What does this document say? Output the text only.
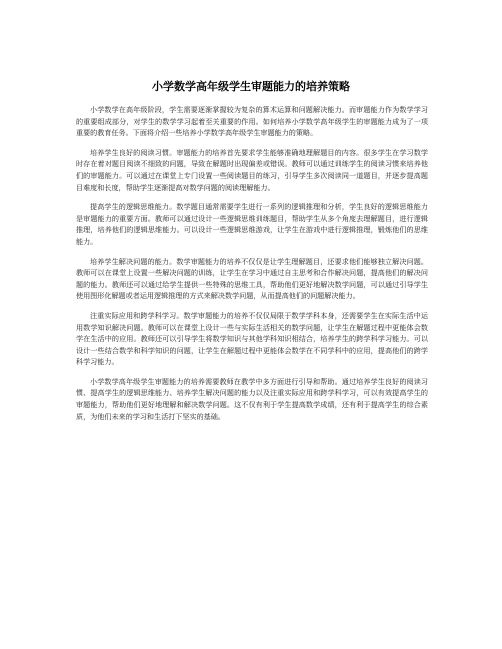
小学数学高年级学生审题能力的培养策略

小学数学在高年级阶段，学生需要逐渐掌握较为复杂的算术运算和问题解决能力。而审题能力作为数学学习的重要组成部分，对学生的数学学习起着至关重要的作用。如何培养小学数学高年级学生的审题能力成为了一项重要的教育任务。下面将介绍一些培养小学数学高年级学生审题能力的策略。

培养学生良好的阅读习惯。审题能力的培养首先要求学生能够准确地理解题目的内容。很多学生在学习数学时存在着对题目阅读不细致的问题，导致在解题时出现偏差或错误。教师可以通过训练学生的阅读习惯来培养他们的审题能力。可以通过在课堂上专门设置一些阅读题目的练习，引导学生多次阅读同一道题目，并逐步提高题目难度和长度，帮助学生逐渐提高对数学问题的阅读理解能力。

提高学生的逻辑思维能力。数学题目通常需要学生进行一系列的逻辑推理和分析，学生良好的逻辑思维能力是审题能力的重要方面。教师可以通过设计一些逻辑思维训练题目，帮助学生从多个角度去理解题目，进行逻辑推理，培养他们的逻辑思维能力。可以设计一些逻辑思维游戏，让学生在游戏中进行逻辑推理，锻炼他们的思维能力。

培养学生解决问题的能力。数学审题能力的培养不仅仅是让学生理解题目，还要求他们能够独立解决问题。教师可以在课堂上设置一些解决问题的训练，让学生在学习中通过自主思考和合作解决问题，提高他们的解决问题的能力。教师还可以通过给学生提供一些特殊的思维工具，帮助他们更好地解决数学问题，可以通过引导学生使用图形化解题或者运用逻辑推理的方式来解决数学问题，从而提高他们的问题解决能力。

注重实际应用和跨学科学习。数学审题能力的培养不仅仅局限于数学学科本身，还需要学生在实际生活中运用数学知识解决问题。教师可以在课堂上设计一些与实际生活相关的数学问题，让学生在解题过程中更能体会数学在生活中的应用。教师还可以引导学生将数学知识与其他学科知识相结合，培养学生的跨学科学习能力。可以设计一些结合数学和科学知识的问题，让学生在解题过程中更能体会数学在不同学科中的应用，提高他们的跨学科学习能力。

小学数学高年级学生审题能力的培养需要教师在教学中多方面进行引导和帮助。通过培养学生良好的阅读习惯、提高学生的逻辑思维能力、培养学生解决问题的能力以及注重实际应用和跨学科学习，可以有效提高学生的审题能力，帮助他们更好地理解和解决数学问题。这不仅有利于学生提高数学成绩，还有利于提高学生的综合素质，为他们未来的学习和生活打下坚实的基础。
